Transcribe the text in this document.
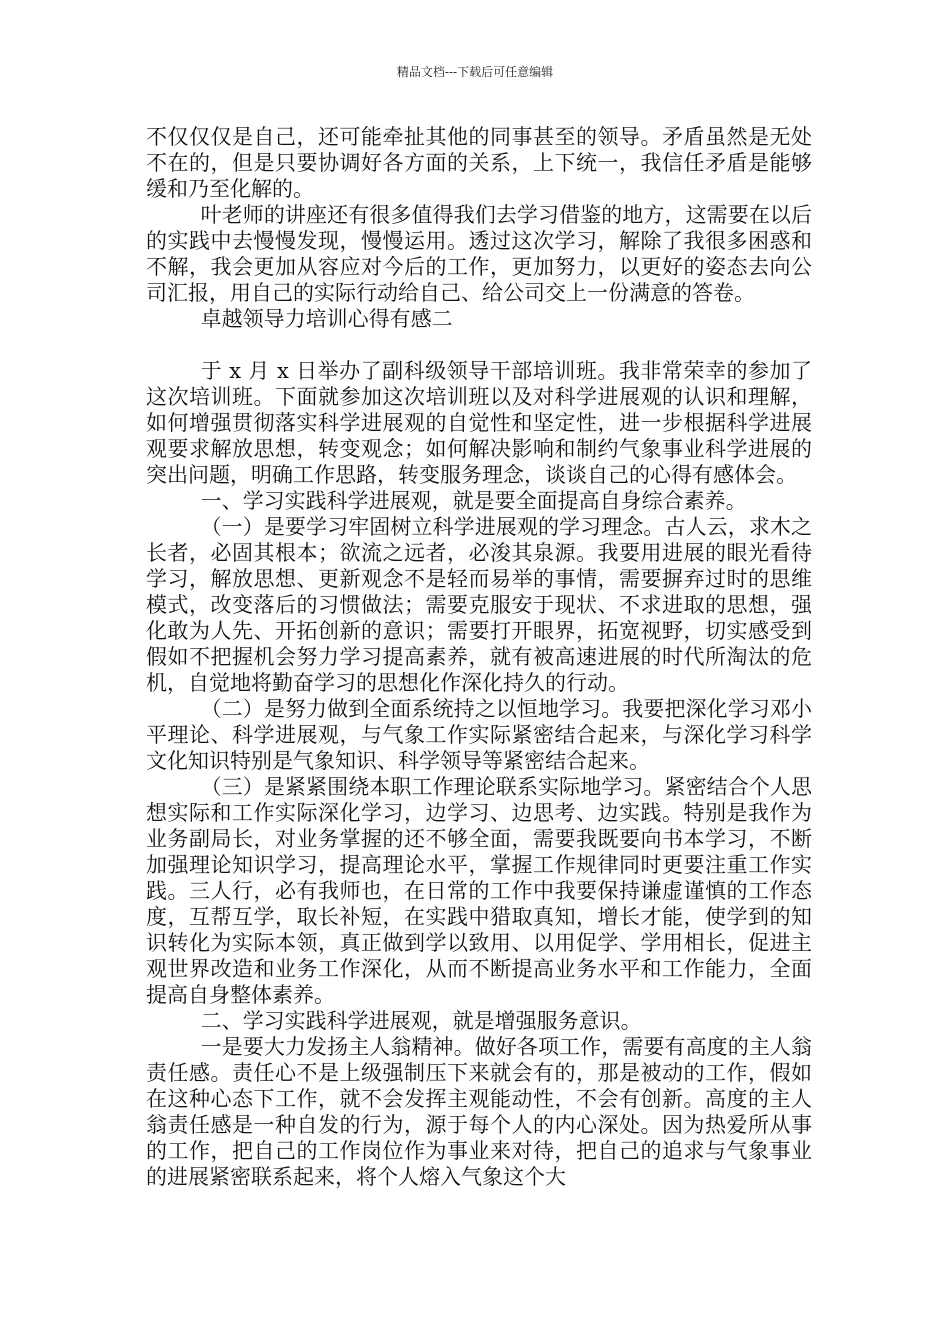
精品文档---下载后可任意编辑

不仅仅仅是自己，还可能牵扯其他的同事甚至的领导。矛盾虽然是无处不在的，但是只要协调好各方面的关系，上下统一，我信任矛盾是能够缓和乃至化解的。

叶老师的讲座还有很多值得我们去学习借鉴的地方，这需要在以后的实践中去慢慢发现，慢慢运用。透过这次学习，解除了我很多困惑和不解，我会更加从容应对今后的工作，更加努力，以更好的姿态去向公司汇报，用自己的实际行动给自己、给公司交上一份满意的答卷。

卓越领导力培训心得有感二

于 x 月 x 日举办了副科级领导干部培训班。我非常荣幸的参加了这次培训班。下面就参加这次培训班以及对科学进展观的认识和理解，如何增强贯彻落实科学进展观的自觉性和坚定性，进一步根据科学进展观要求解放思想，转变观念；如何解决影响和制约气象事业科学进展的突出问题，明确工作思路，转变服务理念，谈谈自己的心得有感体会。

一、学习实践科学进展观，就是要全面提高自身综合素养。

（一）是要学习牢固树立科学进展观的学习理念。古人云，求木之长者，必固其根本；欲流之远者，必浚其泉源。我要用进展的眼光看待学习，解放思想、更新观念不是轻而易举的事情，需要摒弃过时的思维模式，改变落后的习惯做法；需要克服安于现状、不求进取的思想，强化敢为人先、开拓创新的意识；需要打开眼界，拓宽视野，切实感受到假如不把握机会努力学习提高素养，就有被高速进展的时代所淘汰的危机，自觉地将勤奋学习的思想化作深化持久的行动。

（二）是努力做到全面系统持之以恒地学习。我要把深化学习邓小平理论、科学进展观，与气象工作实际紧密结合起来，与深化学习科学文化知识特别是气象知识、科学领导等紧密结合起来。

（三）是紧紧围绕本职工作理论联系实际地学习。紧密结合个人思想实际和工作实际深化学习，边学习、边思考、边实践。特别是我作为业务副局长，对业务掌握的还不够全面，需要我既要向书本学习，不断加强理论知识学习，提高理论水平，掌握工作规律同时更要注重工作实践。三人行，必有我师也，在日常的工作中我要保持谦虚谨慎的工作态度，互帮互学，取长补短，在实践中猎取真知，增长才能，使学到的知识转化为实际本领，真正做到学以致用、以用促学、学用相长，促进主观世界改造和业务工作深化，从而不断提高业务水平和工作能力，全面提高自身整体素养。

二、学习实践科学进展观，就是增强服务意识。

一是要大力发扬主人翁精神。做好各项工作，需要有高度的主人翁责任感。责任心不是上级强制压下来就会有的，那是被动的工作，假如在这种心态下工作，就不会发挥主观能动性，不会有创新。高度的主人翁责任感是一种自发的行为，源于每个人的内心深处。因为热爱所从事的工作，把自己的工作岗位作为事业来对待，把自己的追求与气象事业的进展紧密联系起来，将个人熔入气象这个大
